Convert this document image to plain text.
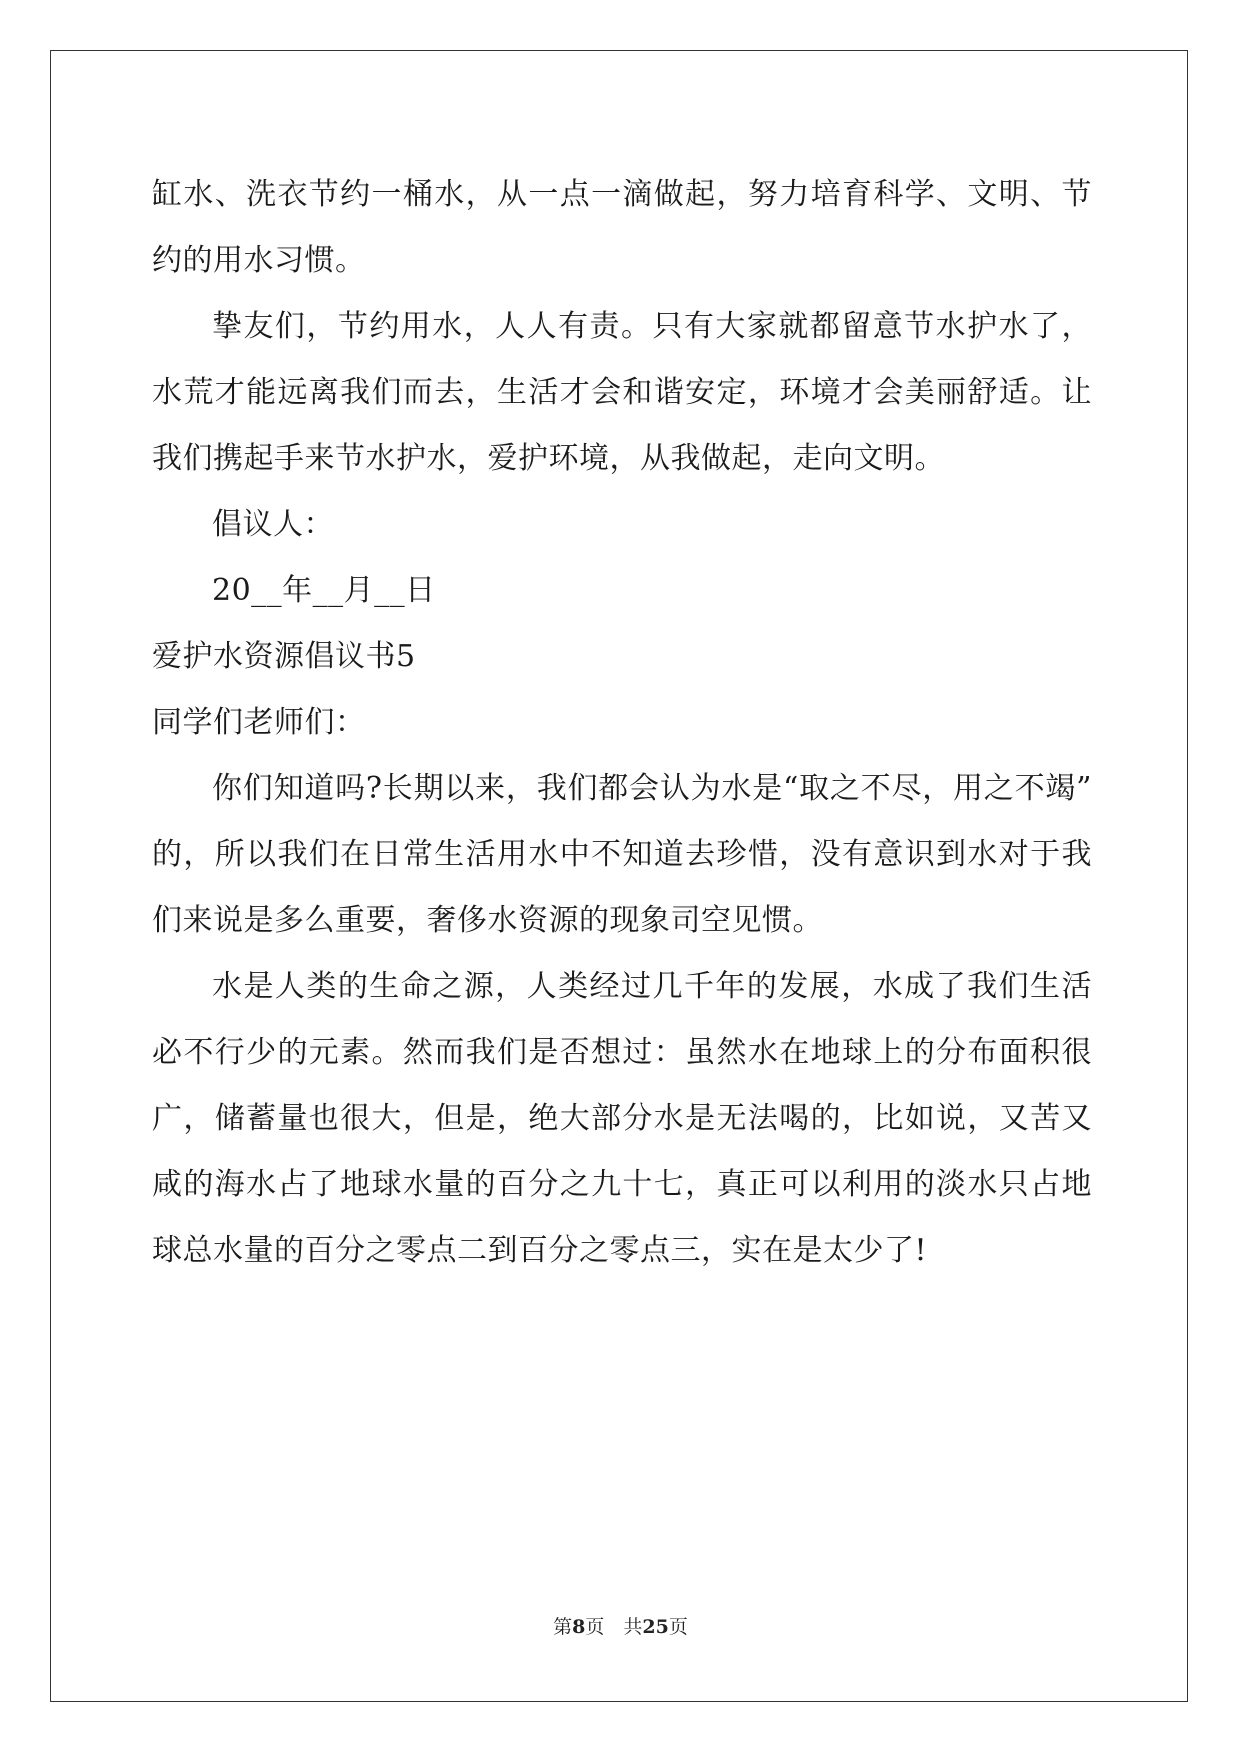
缸水、洗衣节约一桶水，从一点一滴做起，努力培育科学、文明、节
约的用水习惯。
挚友们，节约用水，人人有责。只有大家就都留意节水护水了，
水荒才能远离我们而去，生活才会和谐安定，环境才会美丽舒适。让
我们携起手来节水护水，爱护环境，从我做起，走向文明。
倡议人：
20__年__月__日
爱护水资源倡议书5
同学们老师们：
你们知道吗?长期以来，我们都会认为水是“取之不尽，用之不竭”
的，所以我们在日常生活用水中不知道去珍惜，没有意识到水对于我
们来说是多么重要，奢侈水资源的现象司空见惯。
水是人类的生命之源，人类经过几千年的发展，水成了我们生活
必不行少的元素。然而我们是否想过：虽然水在地球上的分布面积很
广，储蓄量也很大，但是，绝大部分水是无法喝的，比如说，又苦又
咸的海水占了地球水量的百分之九十七，真正可以利用的淡水只占地
球总水量的百分之零点二到百分之零点三，实在是太少了!
第8页　共25页
